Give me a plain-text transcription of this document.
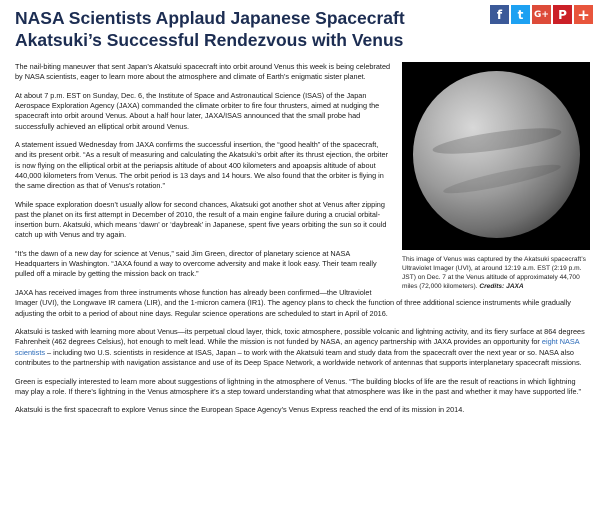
NASA Scientists Applaud Japanese Spacecraft Akatsuki’s Successful Rendezvous with Venus
f	t	G+ P +
This image of Venus was captured by the Akatsuki spacecraft’s Ultraviolet Imager (UVI), at around 12:19 a.m. EST (2:19 p.m. JST) on Dec. 7 at the Venus altitude of approximately 44,700 miles (72,000 kilometers). Credits: JAXA

The nail-biting maneuver that sent Japan’s Akatsuki spacecraft into orbit around Venus this week is being celebrated by NASA scientists, eager to learn more about the atmosphere and climate of Earth’s enigmatic sister planet.

At about 7 p.m. EST on Sunday, Dec. 6, the Institute of Space and Astronautical Science (ISAS) of the Japan Aerospace Exploration Agency (JAXA) commanded the climate orbiter to fire four thrusters, aimed at nudging the spacecraft into orbit around Venus. About a half hour later, JAXA/ISAS announced that the small probe had successfully achieved an elliptical orbit around Venus.

A statement issued Wednesday from JAXA confirms the successful insertion, the “good health” of the spacecraft, and its present orbit. “As a result of measuring and calculating the Akatsuki’s orbit after its thrust ejection, the orbiter is now flying on the elliptical orbit at the periapsis altitude of about 400 kilometers and apoapsis altitude of about 440,000 kilometers from Venus. The orbit period is 13 days and 14 hours. We also found that the orbiter is flying in the same direction as that of Venus’s rotation.”

While space exploration doesn’t usually allow for second chances, Akatsuki got another shot at Venus after zipping past the planet on its first attempt in December of 2010, the result of a main engine failure during a crucial orbital-insertion burn. Akatsuki, which means ‘dawn’ or ‘daybreak’ in Japanese, spent five years orbiting the sun so it could catch up with Venus and try again.

“It’s the dawn of a new day for science at Venus,” said Jim Green, director of planetary science at NASA Headquarters in Washington. “JAXA found a way to overcome adversity and make it look easy. Their team really pulled off a miracle by getting the mission back on track.”

JAXA has received images from three instruments whose function has already been confirmed—the Ultraviolet Imager (UVI), the Longwave IR camera (LIR), and the 1-micron camera (IR1). The agency plans to check the function of three additional science instruments while gradually adjusting the orbit to a period of about nine days. Regular science operations are scheduled to start in April of 2016.

Akatsuki is tasked with learning more about Venus—its perpetual cloud layer, thick, toxic atmosphere, possible volcanic and lightning activity, and its fiery surface at 864 degrees Fahrenheit (462 degrees Celsius), hot enough to melt lead. While the mission is not funded by NASA, an agency partnership with JAXA provides an opportunity for eight NASA scientists – including two U.S. scientists in residence at ISAS, Japan – to work with the Akatsuki team and study data from the spacecraft over the next year or so. NASA also contributes to the partnership with navigation assistance and use of its Deep Space Network, a worldwide network of antennas that supports interplanetary spacecraft missions.

Green is especially interested to learn more about suggestions of lightning in the atmosphere of Venus. “The building blocks of life are the result of reactions in which lightning may play a role. If there’s lightning in the Venus atmosphere it’s a step toward understanding what that atmosphere was like in the past and whether it may have supported life.”

Akatsuki is the first spacecraft to explore Venus since the European Space Agency’s Venus Express reached the end of its mission in 2014.
